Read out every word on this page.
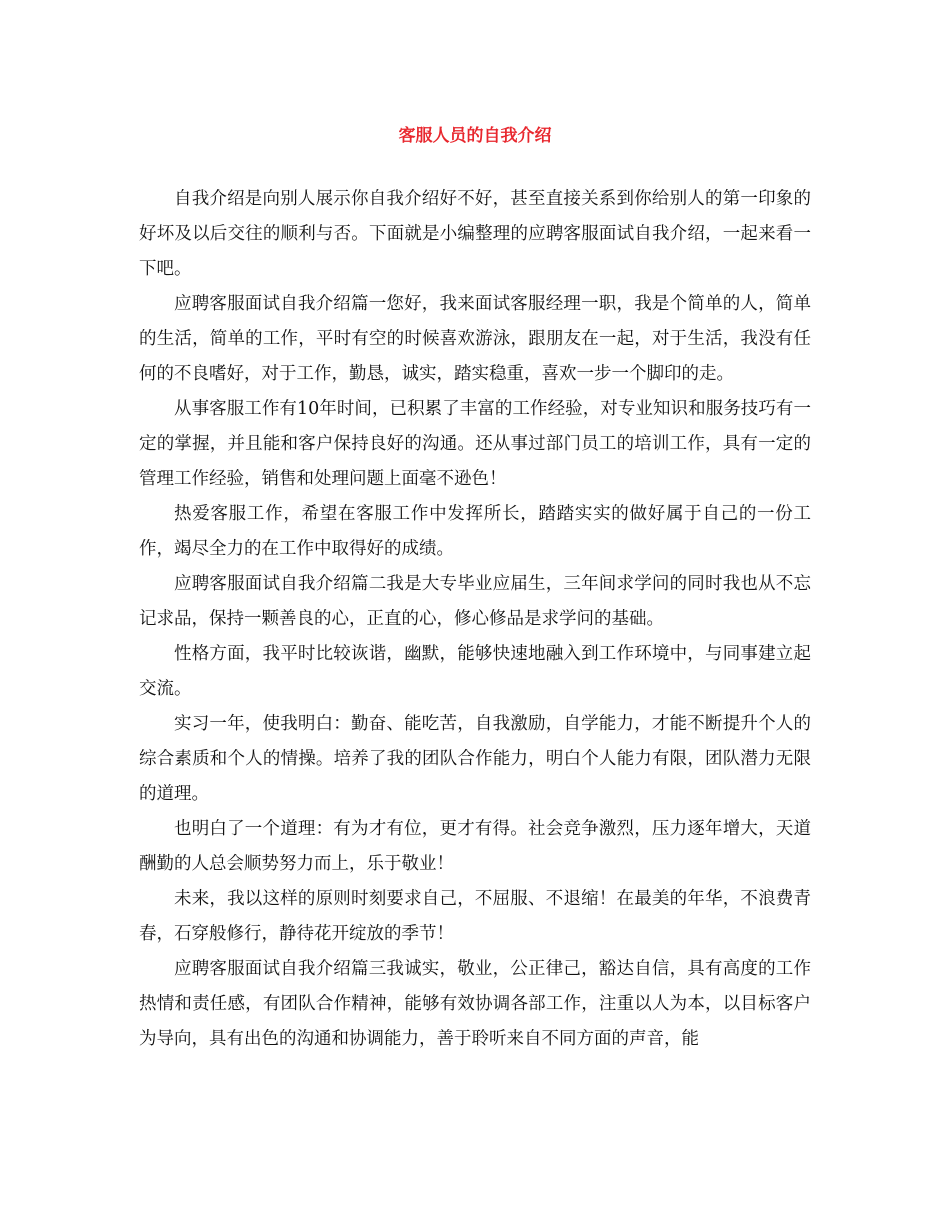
客服人员的自我介绍

自我介绍是向别人展示你自我介绍好不好，甚至直接关系到你给别人的第一印象的好坏及以后交往的顺利与否。下面就是小编整理的应聘客服面试自我介绍，一起来看一下吧。

应聘客服面试自我介绍篇一您好，我来面试客服经理一职，我是个简单的人，简单的生活，简单的工作，平时有空的时候喜欢游泳，跟朋友在一起，对于生活，我没有任何的不良嗜好，对于工作，勤恳，诚实，踏实稳重，喜欢一步一个脚印的走。

从事客服工作有10年时间，已积累了丰富的工作经验，对专业知识和服务技巧有一定的掌握，并且能和客户保持良好的沟通。还从事过部门员工的培训工作，具有一定的管理工作经验，销售和处理问题上面毫不逊色！

热爱客服工作，希望在客服工作中发挥所长，踏踏实实的做好属于自己的一份工作，竭尽全力的在工作中取得好的成绩。

应聘客服面试自我介绍篇二我是大专毕业应届生，三年间求学问的同时我也从不忘记求品，保持一颗善良的心，正直的心，修心修品是求学问的基础。

性格方面，我平时比较诙谐，幽默，能够快速地融入到工作环境中，与同事建立起交流。

实习一年，使我明白：勤奋、能吃苦，自我激励，自学能力，才能不断提升个人的综合素质和个人的情操。培养了我的团队合作能力，明白个人能力有限，团队潜力无限的道理。

也明白了一个道理：有为才有位，更才有得。社会竞争激烈，压力逐年增大，天道酬勤的人总会顺势努力而上，乐于敬业！

未来，我以这样的原则时刻要求自己，不屈服、不退缩！在最美的年华，不浪费青春，石穿般修行，静待花开绽放的季节！

应聘客服面试自我介绍篇三我诚实，敬业，公正律己，豁达自信，具有高度的工作热情和责任感，有团队合作精神，能够有效协调各部工作，注重以人为本，以目标客户为导向，具有出色的沟通和协调能力，善于聆听来自不同方面的声音，能
